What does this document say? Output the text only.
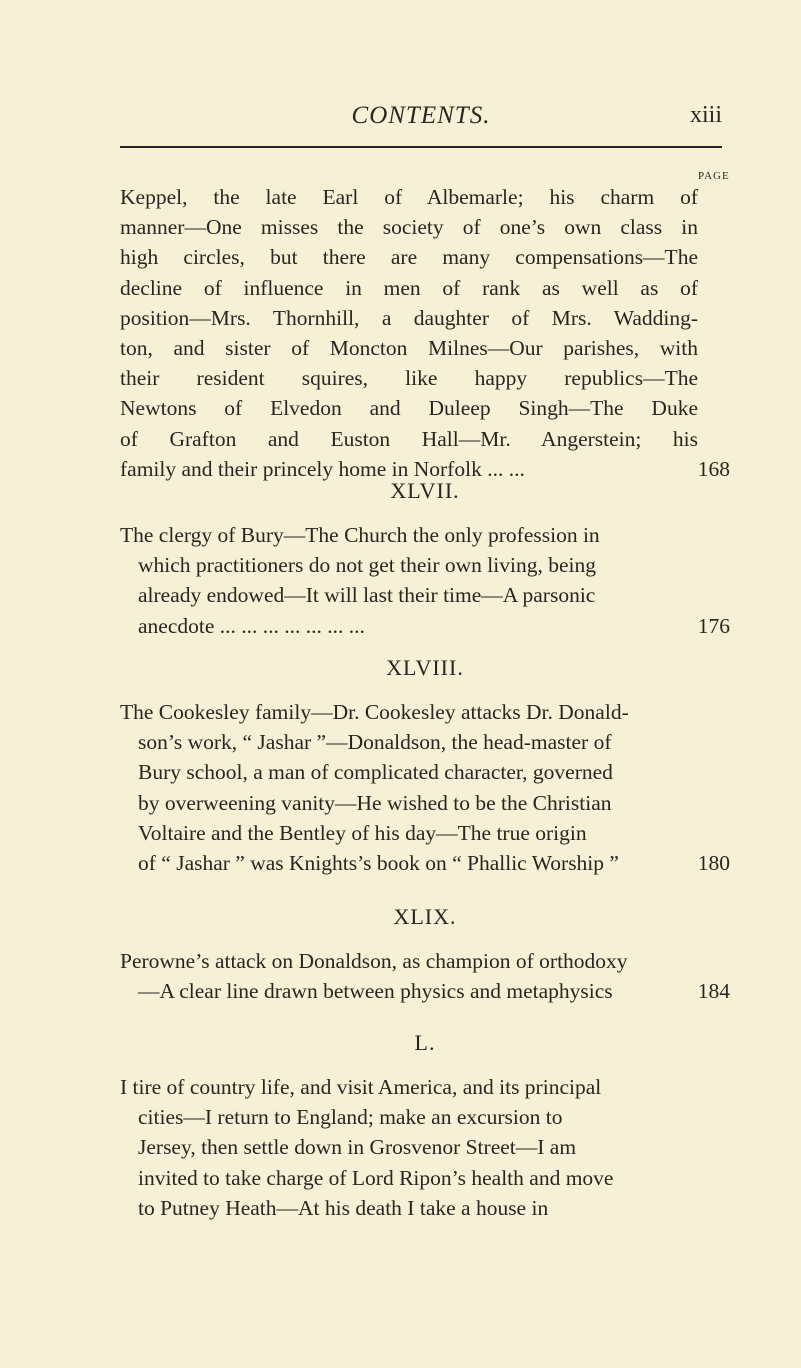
CONTENTS.	xiii
PAGE
Keppel, the late Earl of Albemarle; his charm of
manner—One misses the society of one’s own class in
high circles, but there are many compensations—The
decline of influence in men of rank as well as of
position—Mrs. Thornhill, a daughter of Mrs. Wadding-
ton, and sister of Moncton Milnes—Our parishes, with
their resident squires, like happy republics—The
Newtons of Elvedon and Duleep Singh—The Duke
of Grafton and Euston Hall—Mr. Angerstein; his
family and their princely home in Norfolk ... ...	168
XLVII.
The clergy of Bury—The Church the only profession in
which practitioners do not get their own living, being
already endowed—It will last their time—A parsonic
anecdote ... ... ... ... ... ... ...	176
XLVIII.
The Cookesley family—Dr. Cookesley attacks Dr. Donald-
son’s work, “ Jashar ”—Donaldson, the head-master of
Bury school, a man of complicated character, governed
by overweening vanity—He wished to be the Christian
Voltaire and the Bentley of his day—The true origin
of “ Jashar ” was Knights’s book on “ Phallic Worship ”	180
XLIX.
Perowne’s attack on Donaldson, as champion of orthodoxy
—A clear line drawn between physics and metaphysics	184
L.
I tire of country life, and visit America, and its principal
cities—I return to England; make an excursion to
Jersey, then settle down in Grosvenor Street—I am
invited to take charge of Lord Ripon’s health and move
to Putney Heath—At his death I take a house in
